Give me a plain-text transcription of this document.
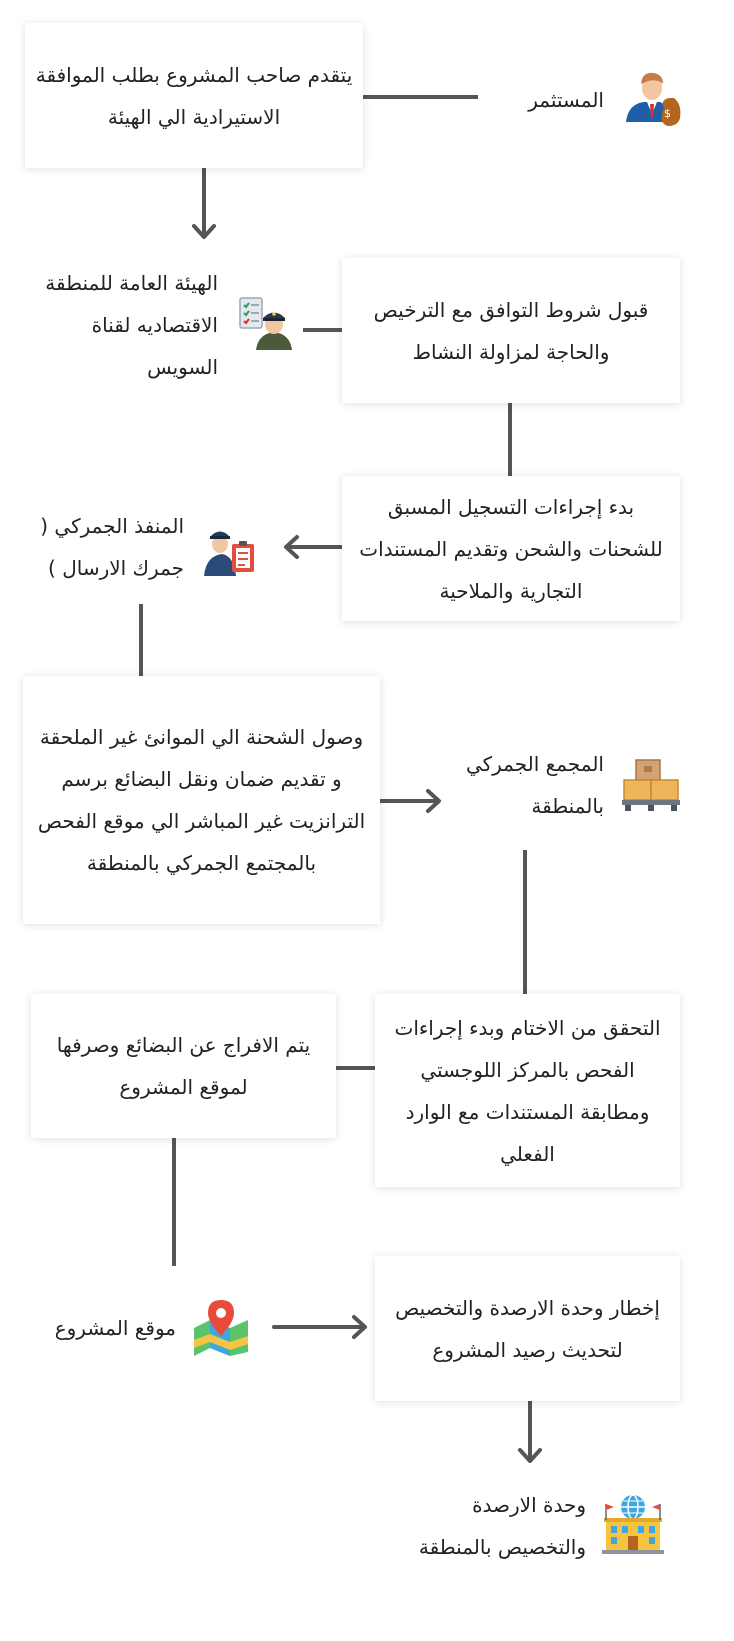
يتقدم صاحب المشروع بطلب الموافقة الاستيرادية الي الهيئة

المستثمر
$

قبول شروط التوافق مع الترخيص والحاجة لمزاولة النشاط

الهيئة العامة للمنطقة الاقتصاديه لقناة السويس

بدء إجراءات التسجيل المسبق للشحنات والشحن وتقديم المستندات التجارية والملاحية

المنفذ الجمركي ( جمرك الارسال )

وصول الشحنة الي الموانئ غير الملحقة و تقديم ضمان ونقل البضائع برسم الترانزيت غير المباشر الي موقع الفحص بالمجتمع الجمركي بالمنطقة

المجمع الجمركي بالمنطقة

التحقق من الاختام وبدء إجراءات الفحص بالمركز اللوجستي ومطابقة المستندات مع الوارد الفعلي

يتم الافراج عن البضائع وصرفها لموقع المشروع

إخطار وحدة الارصدة والتخصيص لتحديث رصيد المشروع

موقع المشروع
وحدة الارصدة والتخصيص بالمنطقة
